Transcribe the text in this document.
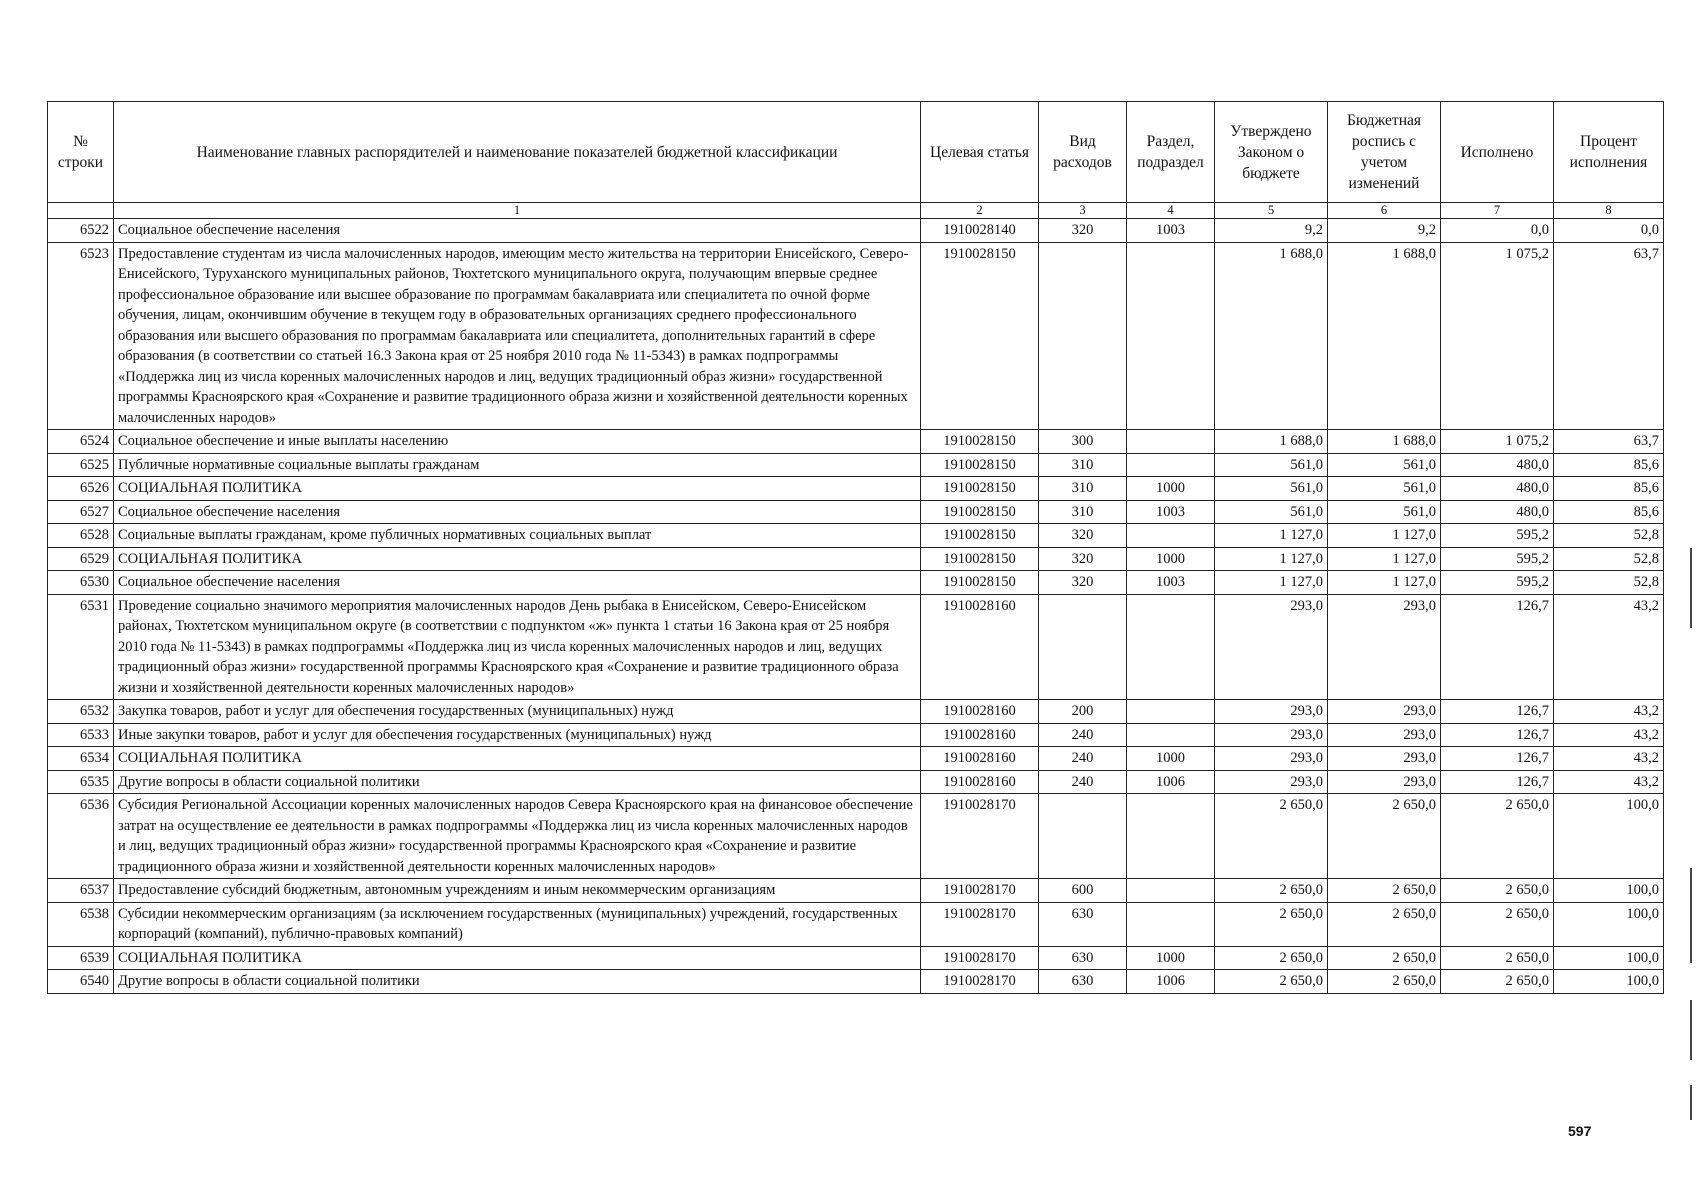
№ строки	Наименование главных распорядителей и наименование показателей бюджетной классификации	Целевая статья	Вид расходов	Раздел, подраздел	Утверждено Законом о бюджете	Бюджетная роспись с учетом изменений	Исполнено	Процент исполнения
	1	2	3	4	5	6	7	8
6522	Социальное обеспечение населения	1910028140	320	1003	9,2	9,2	0,0	0,0
6523	Предоставление студентам из числа малочисленных народов, имеющим место жительства на территории Енисейского, Северо-Енисейского, Туруханского муниципальных районов, Тюхтетского муниципального округа, получающим впервые среднее профессиональное образование или высшее образование по программам бакалавриата или специалитета по очной форме обучения, лицам, окончившим обучение в текущем году в образовательных организациях среднего профессионального образования или высшего образования по программам бакалавриата или специалитета, дополнительных гарантий в сфере образования (в соответствии со статьей 16.3 Закона края от 25 ноября 2010 года № 11-5343) в рамках подпрограммы «Поддержка лиц из числа коренных малочисленных народов и лиц, ведущих традиционный образ жизни» государственной программы Красноярского края «Сохранение и развитие традиционного образа жизни и хозяйственной деятельности коренных малочисленных народов»	1910028150			1 688,0	1 688,0	1 075,2	63,7
6524	Социальное обеспечение и иные выплаты населению	1910028150	300		1 688,0	1 688,0	1 075,2	63,7
6525	Публичные нормативные социальные выплаты гражданам	1910028150	310		561,0	561,0	480,0	85,6
6526	СОЦИАЛЬНАЯ ПОЛИТИКА	1910028150	310	1000	561,0	561,0	480,0	85,6
6527	Социальное обеспечение населения	1910028150	310	1003	561,0	561,0	480,0	85,6
6528	Социальные выплаты гражданам, кроме публичных нормативных социальных выплат	1910028150	320		1 127,0	1 127,0	595,2	52,8
6529	СОЦИАЛЬНАЯ ПОЛИТИКА	1910028150	320	1000	1 127,0	1 127,0	595,2	52,8
6530	Социальное обеспечение населения	1910028150	320	1003	1 127,0	1 127,0	595,2	52,8
6531	Проведение социально значимого мероприятия малочисленных народов День рыбака в Енисейском, Северо-Енисейском районах, Тюхтетском муниципальном округе (в соответствии с подпунктом «ж» пункта 1 статьи 16 Закона края от 25 ноября 2010 года № 11-5343) в рамках подпрограммы «Поддержка лиц из числа коренных малочисленных народов и лиц, ведущих традиционный образ жизни» государственной программы Красноярского края «Сохранение и развитие традиционного образа жизни и хозяйственной деятельности коренных малочисленных народов»	1910028160			293,0	293,0	126,7	43,2
6532	Закупка товаров, работ и услуг для обеспечения государственных (муниципальных) нужд	1910028160	200		293,0	293,0	126,7	43,2
6533	Иные закупки товаров, работ и услуг для обеспечения государственных (муниципальных) нужд	1910028160	240		293,0	293,0	126,7	43,2
6534	СОЦИАЛЬНАЯ ПОЛИТИКА	1910028160	240	1000	293,0	293,0	126,7	43,2
6535	Другие вопросы в области социальной политики	1910028160	240	1006	293,0	293,0	126,7	43,2
6536	Субсидия Региональной Ассоциации коренных малочисленных народов Севера Красноярского края на финансовое обеспечение затрат на осуществление ее деятельности в рамках подпрограммы «Поддержка лиц из числа коренных малочисленных народов и лиц, ведущих традиционный образ жизни» государственной программы Красноярского края «Сохранение и развитие традиционного образа жизни и хозяйственной деятельности коренных малочисленных народов»	1910028170			2 650,0	2 650,0	2 650,0	100,0
6537	Предоставление субсидий бюджетным, автономным учреждениям и иным некоммерческим организациям	1910028170	600		2 650,0	2 650,0	2 650,0	100,0
6538	Субсидии некоммерческим организациям (за исключением государственных (муниципальных) учреждений, государственных корпораций (компаний), публично-правовых компаний)	1910028170	630		2 650,0	2 650,0	2 650,0	100,0
6539	СОЦИАЛЬНАЯ ПОЛИТИКА	1910028170	630	1000	2 650,0	2 650,0	2 650,0	100,0
6540	Другие вопросы в области социальной политики	1910028170	630	1006	2 650,0	2 650,0	2 650,0	100,0
597
